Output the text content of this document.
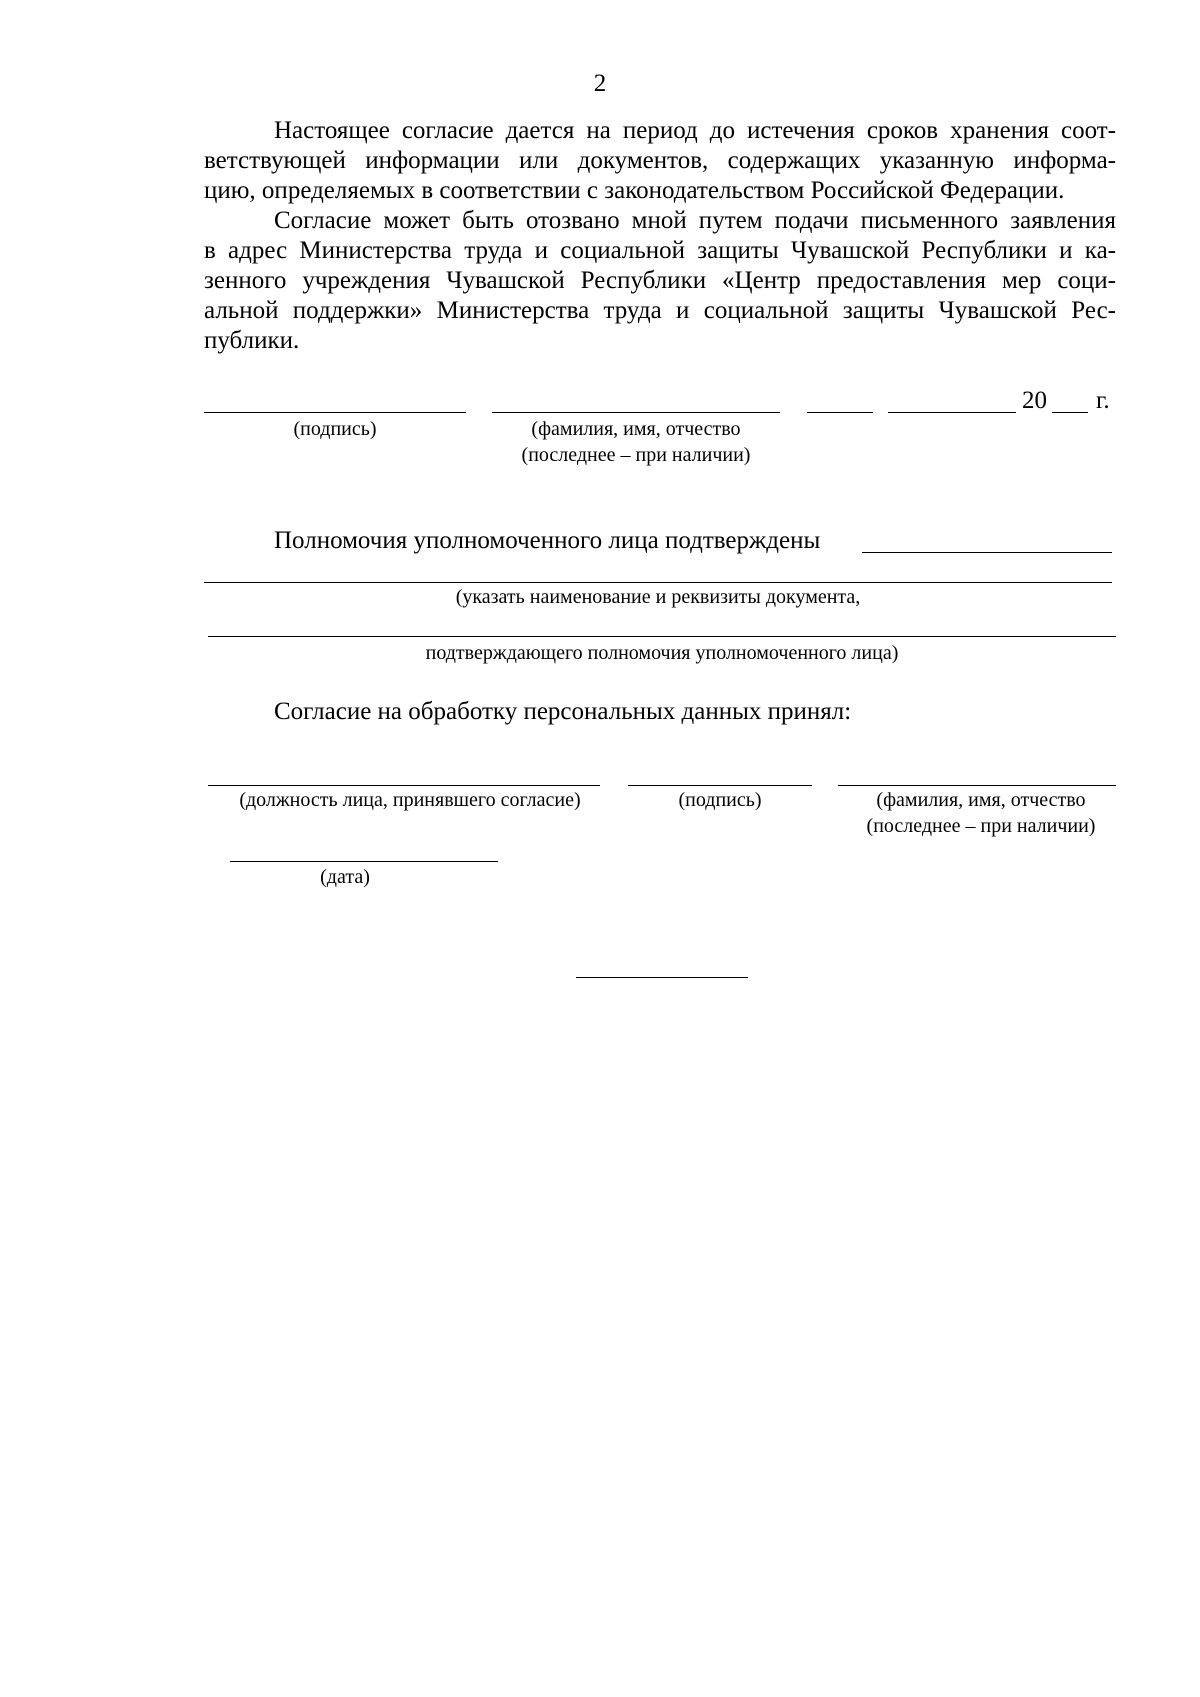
2
Настоящее согласие дается на период до истечения сроков хранения соот-
ветствующей информации или документов, содержащих указанную информа-
цию, определяемых в соответствии с законодательством Российской Федерации.
Согласие может быть отозвано мной путем подачи письменного заявления
в адрес Министерства труда и социальной защиты Чувашской Республики и ка-
зенного учреждения Чувашской Республики «Центр предоставления мер соци-
альной поддержки» Министерства труда и социальной защиты Чувашской Рес-
публики.
20 г.
(подпись)	(фамилия, имя, отчество
(последнее – при наличии)
Полномочия уполномоченного лица подтверждены
(указать наименование и реквизиты документа,
подтверждающего полномочия уполномоченного лица)
Согласие на обработку персональных данных принял:
(должность лица, принявшего согласие)	(подпись)	(фамилия, имя, отчество
(последнее – при наличии)
(дата)
